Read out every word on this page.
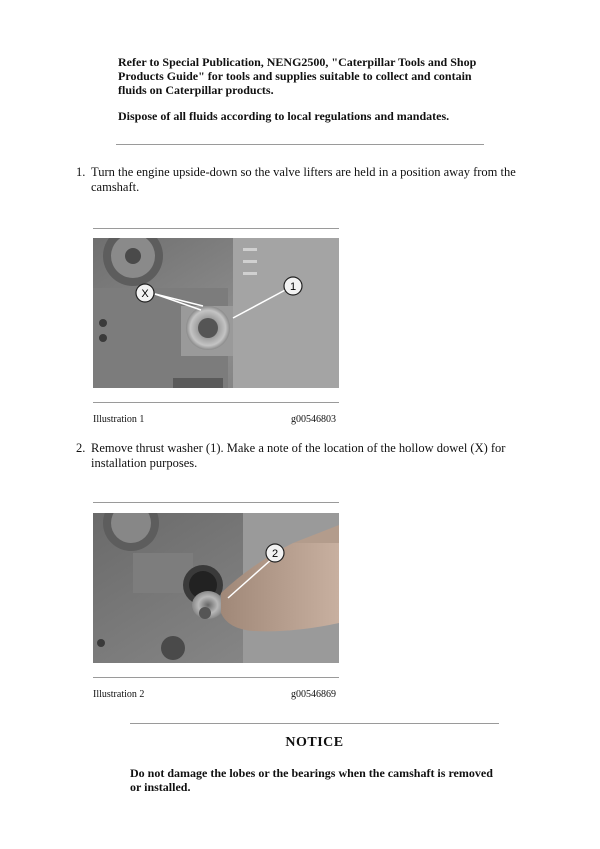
Refer to Special Publication, NENG2500, "Caterpillar Tools and Shop Products Guide" for tools and supplies suitable to collect and contain fluids on Caterpillar products.
Dispose of all fluids according to local regulations and mandates.
1. Turn the engine upside-down so the valve lifters are held in a position away from the camshaft.
X
1
Illustration 1	g00546803
2. Remove thrust washer (1). Make a note of the location of the hollow dowel (X) for installation purposes.
2
Illustration 2	g00546869
NOTICE
Do not damage the lobes or the bearings when the camshaft is removed or installed.
